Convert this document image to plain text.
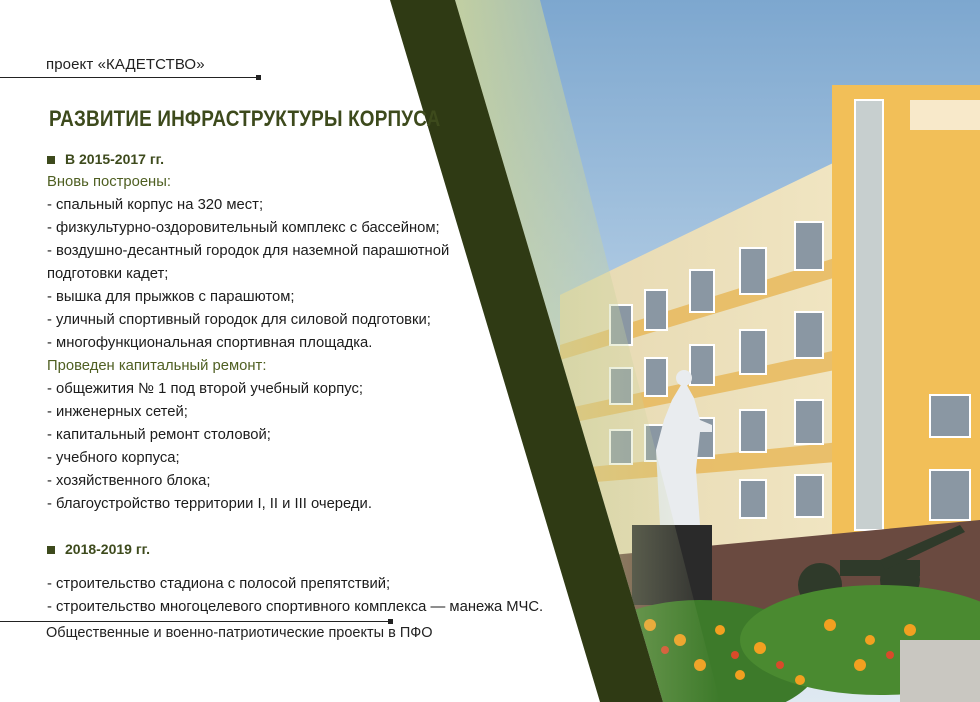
проект «КАДЕТСТВО»
РАЗВИТИЕ ИНФРАСТРУКТУРЫ КОРПУСА
В 2015-2017 гг.
Вновь построены:
- спальный корпус на 320 мест;
- физкультурно-оздоровительный комплекс с бассейном;
- воздушно-десантный городок для наземной парашютной
подготовки кадет;
- вышка для прыжков с парашютом;
- уличный спортивный городок для силовой подготовки;
- многофункциональная спортивная площадка.
Проведен капитальный ремонт:
- общежития № 1 под второй учебный корпус;
- инженерных сетей;
- капитальный ремонт столовой;
- учебного корпуса;
- хозяйственного блока;
- благоустройство территории I, II и III очереди.
2018-2019 гг.
- строительство стадиона с полосой препятствий;
- строительство многоцелевого спортивного комплекса — манежа МЧС.
Общественные и военно-патриотические проекты в ПФО
